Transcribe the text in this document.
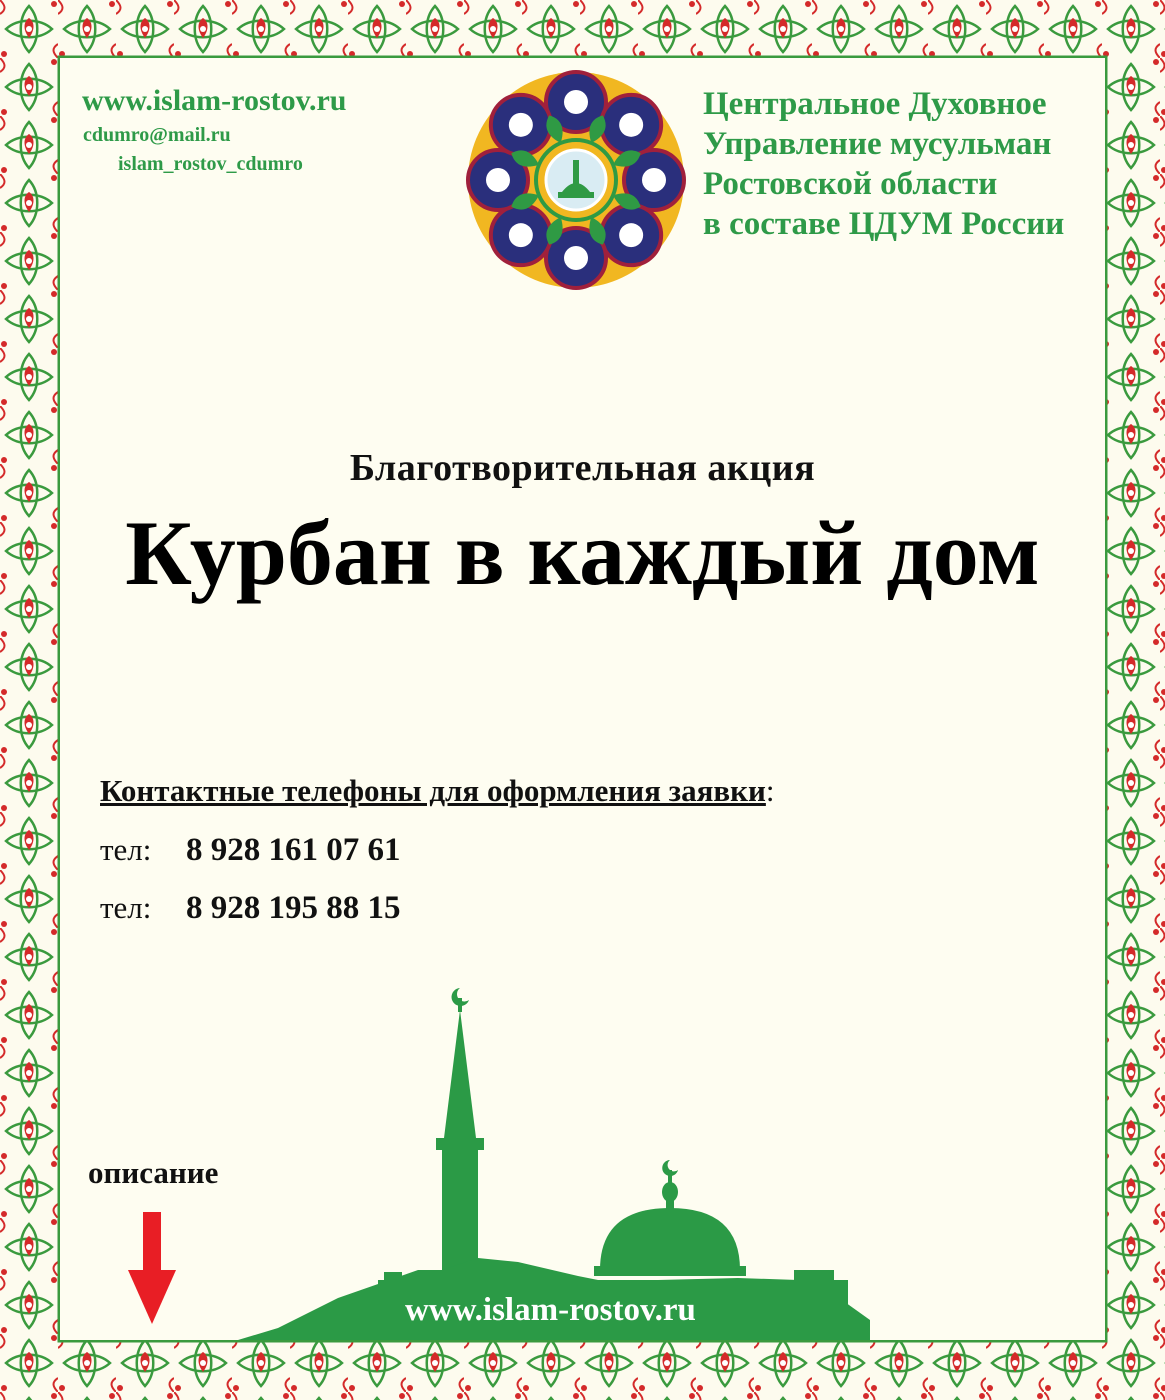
www.islam-rostov.ru
cdumro@mail.ru
islam_rostov_cdumro
Центральное Духовное
Управление мусульман
Ростовской области
в составе ЦДУМ России
Благотворительная акция
Курбан в каждый дом
Контактные телефоны для оформления заявки:
тел: 8 928 161 07 61
тел: 8 928 195 88 15
описание
www.islam-rostov.ru
